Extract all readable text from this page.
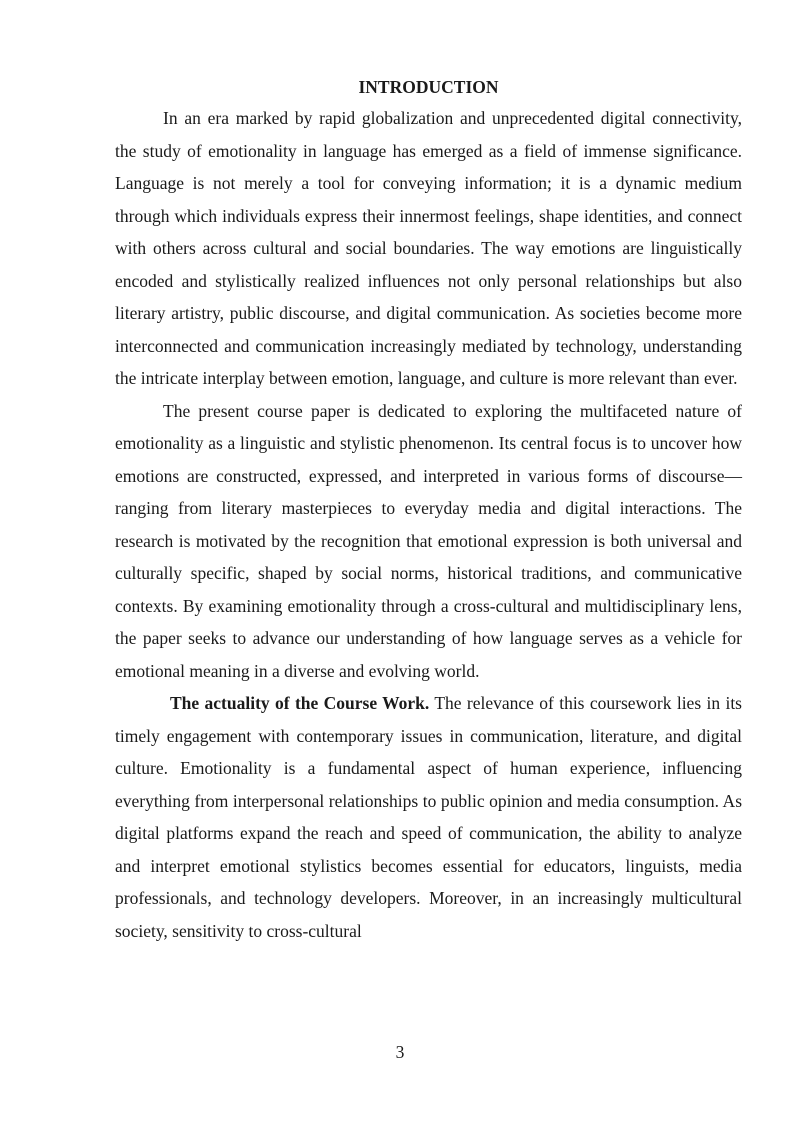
INTRODUCTION

In an era marked by rapid globalization and unprecedented digital connectivity, the study of emotionality in language has emerged as a field of immense significance. Language is not merely a tool for conveying information; it is a dynamic medium through which individuals express their innermost feelings, shape identities, and connect with others across cultural and social boundaries. The way emotions are linguistically encoded and stylistically realized influences not only personal relationships but also literary artistry, public discourse, and digital communication. As societies become more interconnected and communication increasingly mediated by technology, understanding the intricate interplay between emotion, language, and culture is more relevant than ever.

The present course paper is dedicated to exploring the multifaceted nature of emotionality as a linguistic and stylistic phenomenon. Its central focus is to uncover how emotions are constructed, expressed, and interpreted in various forms of discourse—ranging from literary masterpieces to everyday media and digital interactions. The research is motivated by the recognition that emotional expression is both universal and culturally specific, shaped by social norms, historical traditions, and communicative contexts. By examining emotionality through a cross-cultural and multidisciplinary lens, the paper seeks to advance our understanding of how language serves as a vehicle for emotional meaning in a diverse and evolving world.

The actuality of the Course Work. The relevance of this coursework lies in its timely engagement with contemporary issues in communication, literature, and digital culture. Emotionality is a fundamental aspect of human experience, influencing everything from interpersonal relationships to public opinion and media consumption. As digital platforms expand the reach and speed of communication, the ability to analyze and interpret emotional stylistics becomes essential for educators, linguists, media professionals, and technology developers. Moreover, in an increasingly multicultural society, sensitivity to cross-cultural

3
